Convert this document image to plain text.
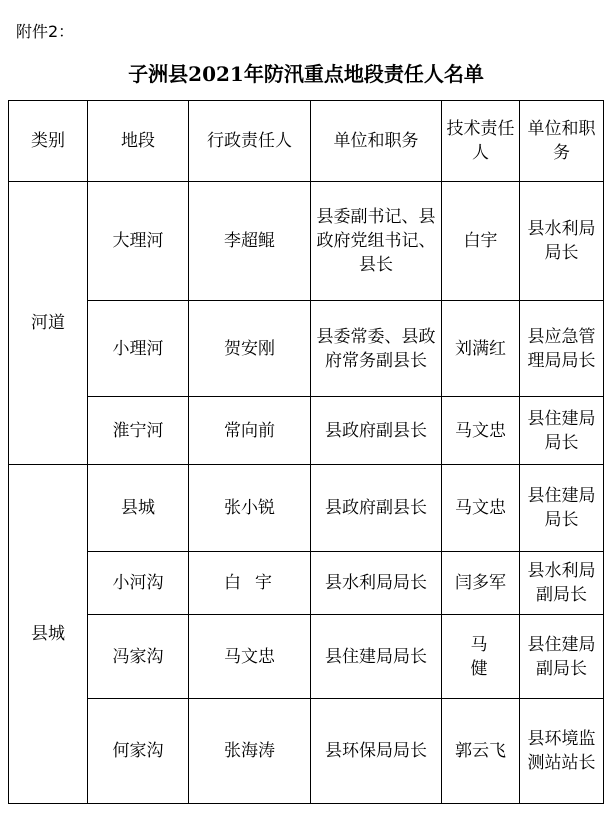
附件2：
子洲县2021年防汛重点地段责任人名单
类别	地段	行政责任人	单位和职务	技术责任人	单位和职务
河道	大理河	李超鲲	县委副书记、县政府党组书记、县长	白宇	县水利局局长
	小理河	贺安刚	县委常委、县政府常务副县长	刘满红	县应急管理局局长
	淮宁河	常向前	县政府副县长	马文忠	县住建局局长
县城	县城	张小锐	县政府副县长	马文忠	县住建局局长
	小河沟	白宇	县水利局局长	闫多军	县水利局副局长
	冯家沟	马文忠	县住建局局长	马健	县住建局副局长
	何家沟	张海涛	县环保局局长	郭云飞	县环境监测站站长
